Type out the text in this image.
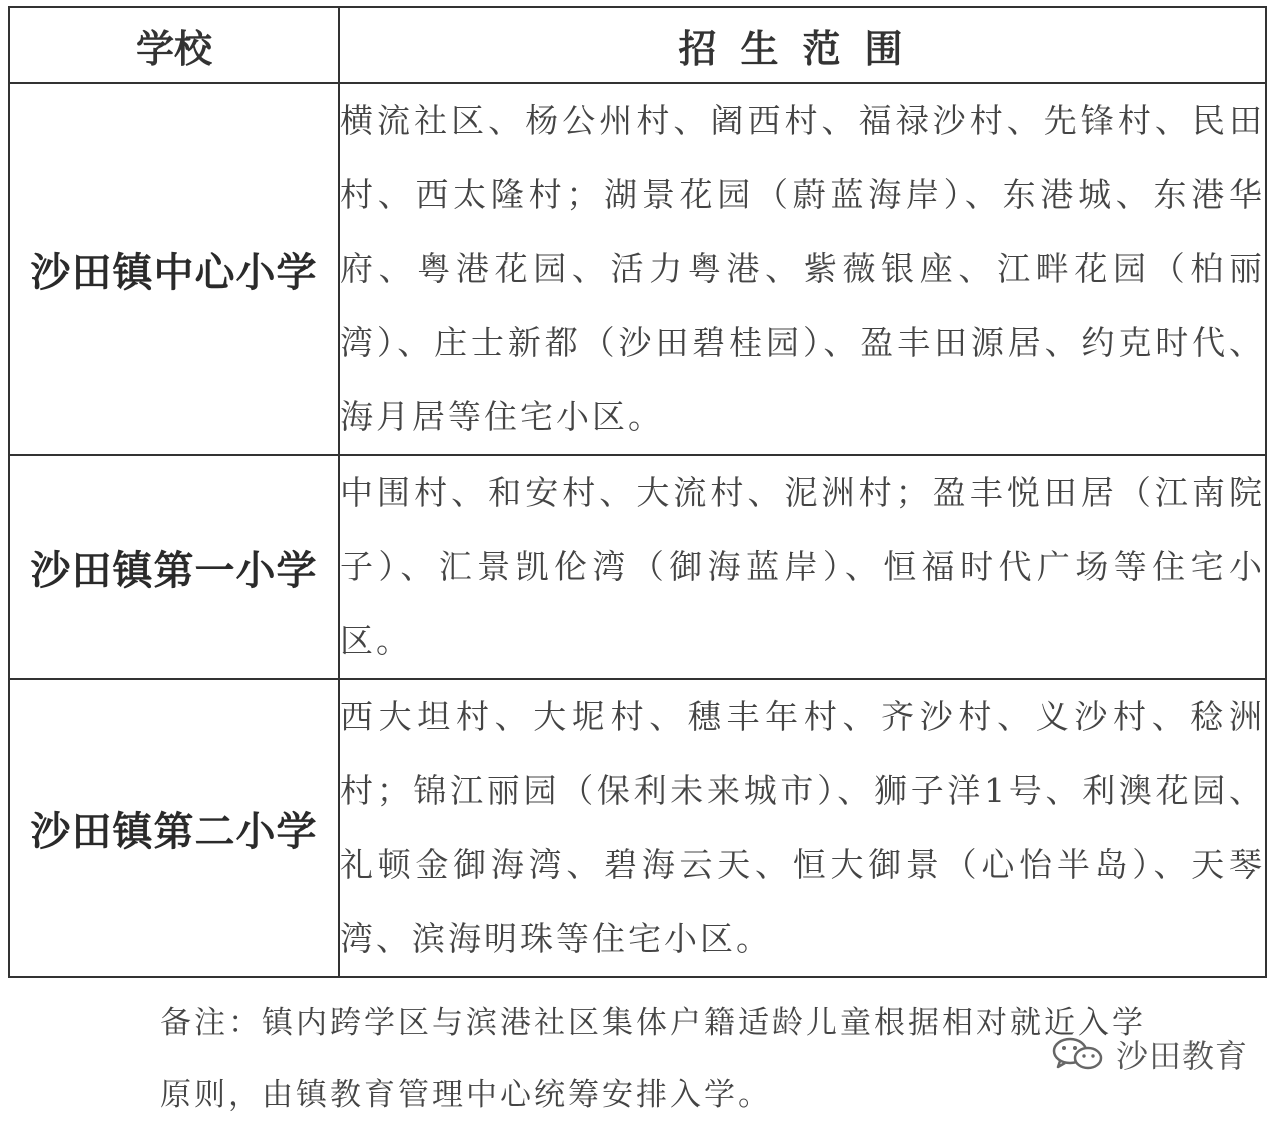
学校	招生范围
沙田镇中心小学	横流社区、杨公州村、阇西村、福禄沙村、先锋村、民田村、西太隆村；湖景花园（蔚蓝海岸）、东港城、东港华府、粤港花园、活力粤港、紫薇银座、江畔花园（柏丽湾）、庄士新都（沙田碧桂园）、盈丰田源居、约克时代、海月居等住宅小区。

沙田镇第一小学	中围村、和安村、大流村、泥洲村；盈丰悦田居（江南院子）、汇景凯伦湾（御海蓝岸）、恒福时代广场等住宅小区。

沙田镇第二小学	西大坦村、大坭村、穗丰年村、齐沙村、义沙村、稔洲村；锦江丽园（保利未来城市）、狮子洋1号、利澳花园、礼顿金御海湾、碧海云天、恒大御景（心怡半岛）、天琴湾、滨海明珠等住宅小区。

备注：镇内跨学区与滨港社区集体户籍适龄儿童根据相对就近入学原则，由镇教育管理中心统筹安排入学。

沙田教育
